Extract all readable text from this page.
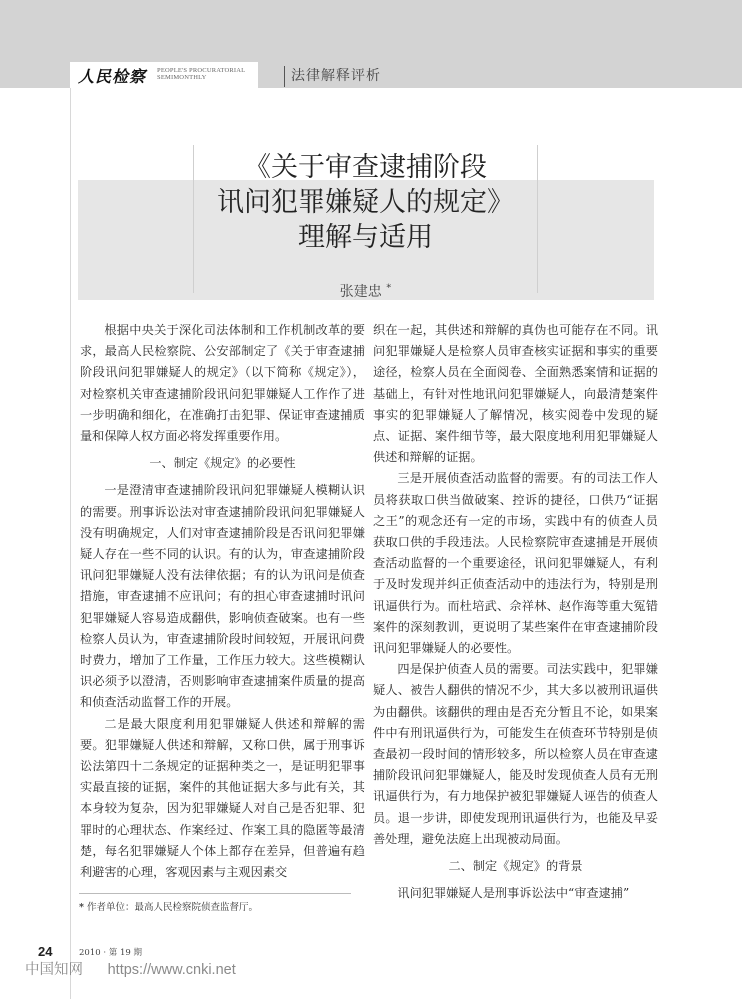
人民检察 PEOPLE'S PROCURATORIAL
SEMIMONTHLY	法律解释评析
《关于审查逮捕阶段
讯问犯罪嫌疑人的规定》
理解与适用
张建忠 *

根据中央关于深化司法体制和工作机制改革的要求，最高人民检察院、公安部制定了《关于审查逮捕阶段讯问犯罪嫌疑人的规定》（以下简称《规定》），对检察机关审查逮捕阶段讯问犯罪嫌疑人工作作了进一步明确和细化，在准确打击犯罪、保证审查逮捕质量和保障人权方面必将发挥重要作用。

一、制定《规定》的必要性

一是澄清审查逮捕阶段讯问犯罪嫌疑人模糊认识的需要。刑事诉讼法对审查逮捕阶段讯问犯罪嫌疑人没有明确规定，人们对审查逮捕阶段是否讯问犯罪嫌疑人存在一些不同的认识。有的认为，审查逮捕阶段讯问犯罪嫌疑人没有法律依据；有的认为讯问是侦查措施，审查逮捕不应讯问；有的担心审查逮捕时讯问犯罪嫌疑人容易造成翻供，影响侦查破案。也有一些检察人员认为，审查逮捕阶段时间较短，开展讯问费时费力，增加了工作量，工作压力较大。这些模糊认识必须予以澄清，否则影响审查逮捕案件质量的提高和侦查活动监督工作的开展。

二是最大限度利用犯罪嫌疑人供述和辩解的需要。犯罪嫌疑人供述和辩解，又称口供，属于刑事诉讼法第四十二条规定的证据种类之一，是证明犯罪事实最直接的证据，案件的其他证据大多与此有关，其本身较为复杂，因为犯罪嫌疑人对自己是否犯罪、犯罪时的心理状态、作案经过、作案工具的隐匿等最清楚，每名犯罪嫌疑人个体上都存在差异，但普遍有趋利避害的心理，客观因素与主观因素交

织在一起，其供述和辩解的真伪也可能存在不同。讯问犯罪嫌疑人是检察人员审查核实证据和事实的重要途径，检察人员在全面阅卷、全面熟悉案情和证据的基础上，有针对性地讯问犯罪嫌疑人，向最清楚案件事实的犯罪嫌疑人了解情况，核实阅卷中发现的疑点、证据、案件细节等，最大限度地利用犯罪嫌疑人供述和辩解的证据。

三是开展侦查活动监督的需要。有的司法工作人员将获取口供当做破案、控诉的捷径，口供乃“证据之王”的观念还有一定的市场，实践中有的侦查人员获取口供的手段违法。人民检察院审查逮捕是开展侦查活动监督的一个重要途径，讯问犯罪嫌疑人，有利于及时发现并纠正侦查活动中的违法行为，特别是刑讯逼供行为。而杜培武、佘祥林、赵作海等重大冤错案件的深刻教训，更说明了某些案件在审查逮捕阶段讯问犯罪嫌疑人的必要性。

四是保护侦查人员的需要。司法实践中，犯罪嫌疑人、被告人翻供的情况不少，其大多以被刑讯逼供为由翻供。该翻供的理由是否充分暂且不论，如果案件中有刑讯逼供行为，可能发生在侦查环节特别是侦查最初一段时间的情形较多，所以检察人员在审查逮捕阶段讯问犯罪嫌疑人，能及时发现侦查人员有无刑讯逼供行为，有力地保护被犯罪嫌疑人诬告的侦查人员。退一步讲，即使发现刑讯逼供行为，也能及早妥善处理，避免法庭上出现被动局面。

二、制定《规定》的背景

讯问犯罪嫌疑人是刑事诉讼法中“审查逮捕”

* 作者单位：最高人民检察院侦查监督厅。
24	2010 · 第 19 期
中国知网 https://www.cnki.net
